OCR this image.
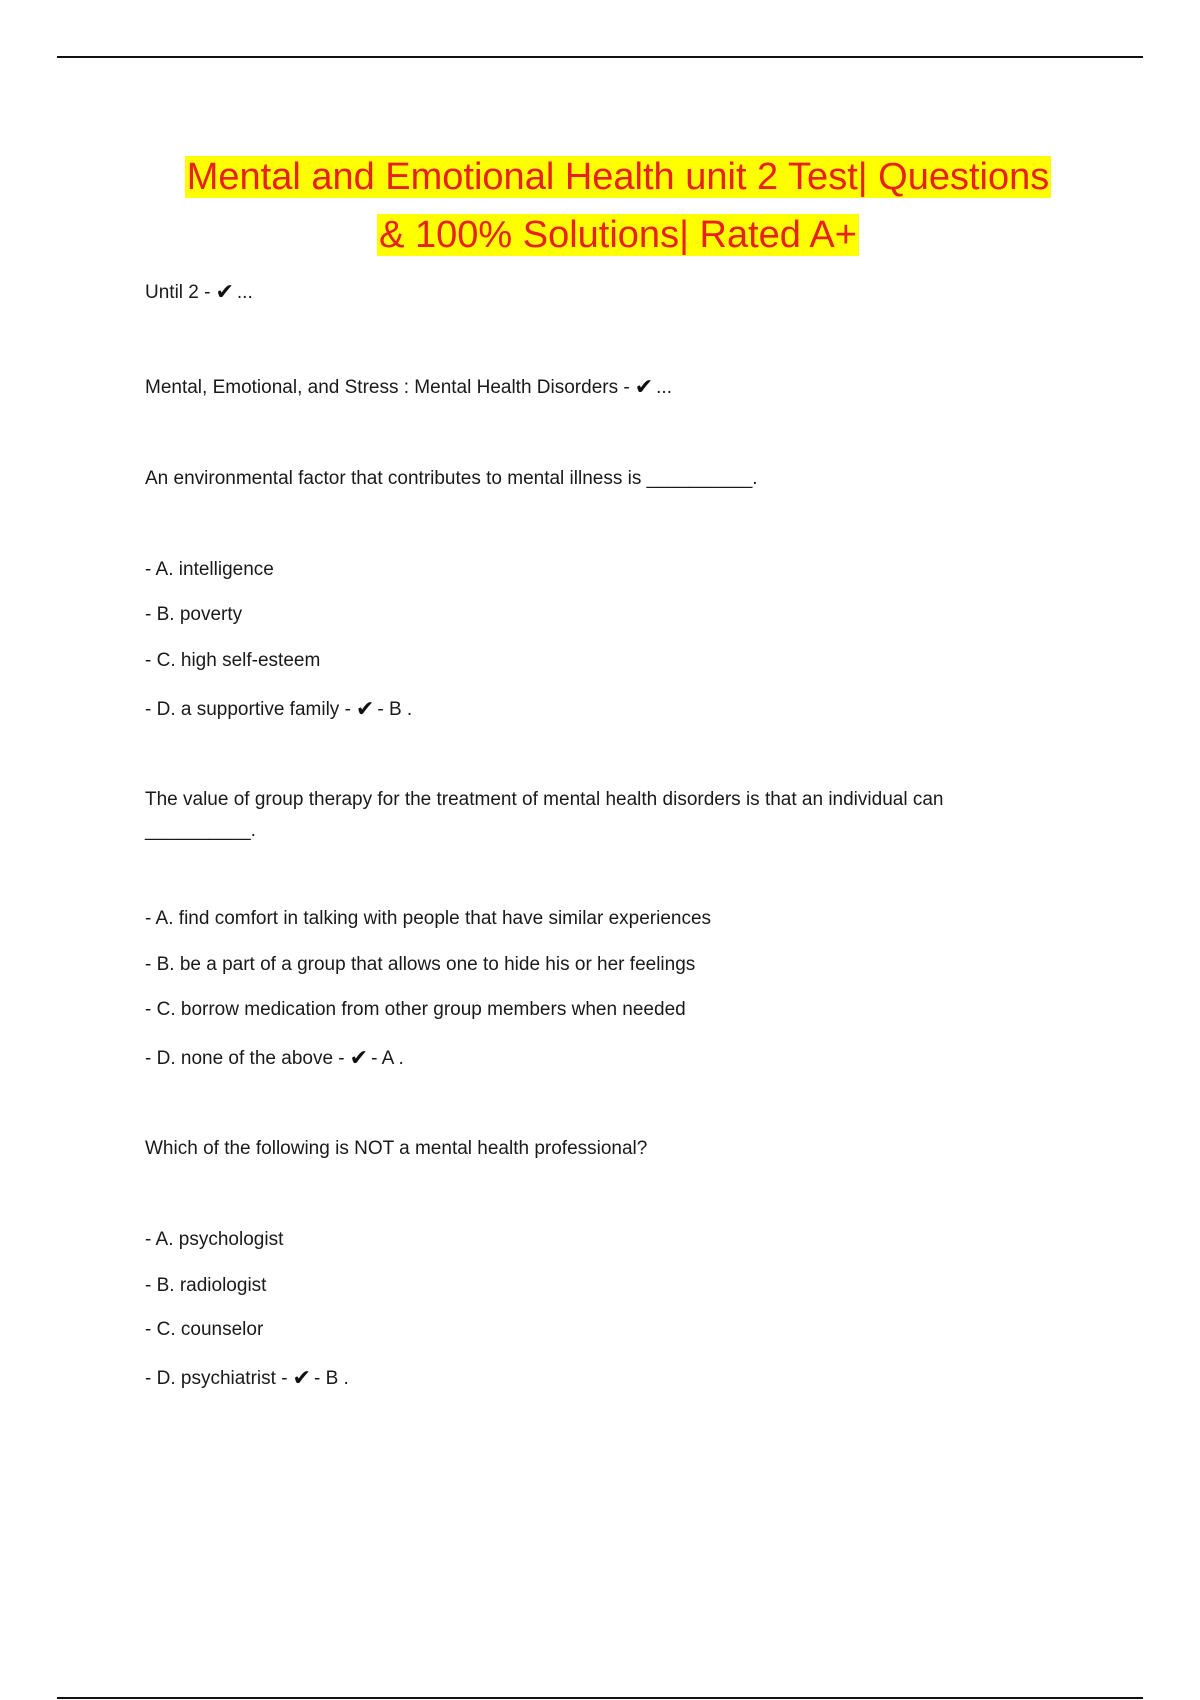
Mental and Emotional Health unit 2 Test| Questions
& 100% Solutions| Rated A+

Until 2 - ✔ ...

Mental, Emotional, and Stress : Mental Health Disorders - ✔ ...

An environmental factor that contributes to mental illness is __________.

- A. intelligence

- B. poverty

- C. high self-esteem

- D. a supportive family - ✔ - B .

The value of group therapy for the treatment of mental health disorders is that an individual can

__________.

- A. find comfort in talking with people that have similar experiences

- B. be a part of a group that allows one to hide his or her feelings

- C. borrow medication from other group members when needed

- D. none of the above - ✔ - A .

Which of the following is NOT a mental health professional?

- A. psychologist

- B. radiologist

- C. counselor

- D. psychiatrist - ✔ - B .
